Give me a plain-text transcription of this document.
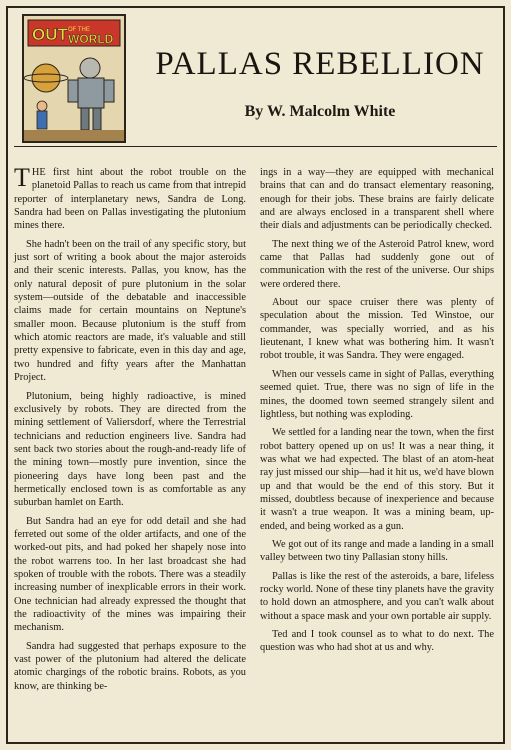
OUT OF THE
WORLD
PALLAS REBELLION
By W. Malcolm White

THE first hint about the robot trouble on the planetoid Pallas to reach us came from that intrepid reporter of interplanetary news, Sandra de Long. Sandra had been on Pallas investigating the plutonium mines there.

She hadn't been on the trail of any specific story, but just sort of writing a book about the major asteroids and their scenic interests. Pallas, you know, has the only natural deposit of pure plutonium in the solar system—outside of the debatable and inaccessible claims made for certain mountains on Neptune's smaller moon. Because plutonium is the stuff from which atomic reactors are made, it's valuable and still pretty expensive to fabricate, even in this day and age, two hundred and fifty years after the Manhattan Project.

Plutonium, being highly radioactive, is mined exclusively by robots. They are directed from the mining settlement of Valiersdorf, where the Terrestrial technicians and reduction engineers live. Sandra had sent back two stories about the rough-and-ready life of the mining town—mostly pure invention, since the pioneering days have long been past and the hermetically enclosed town is as comfortable as any suburban hamlet on Earth.

But Sandra had an eye for odd detail and she had ferreted out some of the older artifacts, and one of the worked-out pits, and had poked her shapely nose into the robot warrens too. In her last broadcast she had spoken of trouble with the robots. There was a steadily increasing number of inexplicable errors in their work. One technician had already expressed the thought that the radioactivity of the mines was impairing their mechanism.

Sandra had suggested that perhaps exposure to the vast power of the plutonium had altered the delicate atomic chargings of the robotic brains. Robots, as you know, are thinking be-

ings in a way—they are equipped with mechanical brains that can and do transact elementary reasoning, enough for their jobs. These brains are fairly delicate and are always enclosed in a transparent shell where their dials and adjustments can be periodically checked.

The next thing we of the Asteroid Patrol knew, word came that Pallas had suddenly gone out of communication with the rest of the universe. Our ships were ordered there.

About our space cruiser there was plenty of speculation about the mission. Ted Winstoe, our commander, was specially worried, and as his lieutenant, I knew what was bothering him. It wasn't robot trouble, it was Sandra. They were engaged.

When our vessels came in sight of Pallas, everything seemed quiet. True, there was no sign of life in the mines, the doomed town seemed strangely silent and lightless, but nothing was exploding.

We settled for a landing near the town, when the first robot battery opened up on us! It was a near thing, it was what we had expected. The blast of an atom-heat ray just missed our ship—had it hit us, we'd have blown up and that would be the end of this story. But it missed, doubtless because of inexperience and because it wasn't a true weapon. It was a mining beam, up-ended, and being worked as a gun.

We got out of its range and made a landing in a small valley between two tiny Pallasian stony hills.

Pallas is like the rest of the asteroids, a bare, lifeless rocky world. None of these tiny planets have the gravity to hold down an atmosphere, and you can't walk about without a space mask and your own portable air supply.

Ted and I took counsel as to what to do next. The question was who had shot at us and why.
